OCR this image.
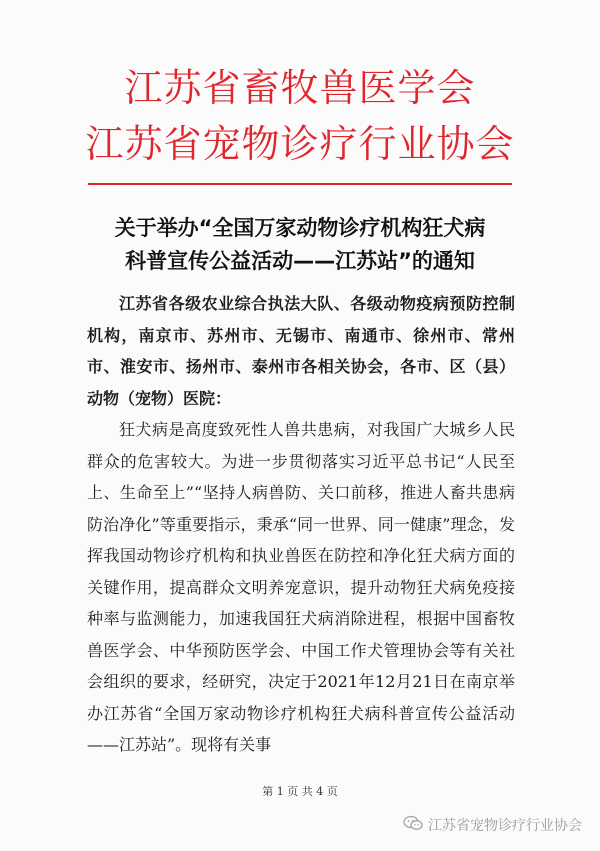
江苏省畜牧兽医学会
江苏省宠物诊疗行业协会
关于举办“全国万家动物诊疗机构狂犬病
科普宣传公益活动——江苏站”的通知

江苏省各级农业综合执法大队、各级动物疫病预防控制机构，南京市、苏州市、无锡市、南通市、徐州市、常州市、淮安市、扬州市、泰州市各相关协会，各市、区（县）动物（宠物）医院：

狂犬病是高度致死性人兽共患病，对我国广大城乡人民群众的危害较大。为进一步贯彻落实习近平总书记“人民至上、生命至上”“坚持人病兽防、关口前移，推进人畜共患病防治净化”等重要指示，秉承“同一世界、同一健康”理念，发挥我国动物诊疗机构和执业兽医在防控和净化狂犬病方面的关键作用，提高群众文明养宠意识，提升动物狂犬病免疫接种率与监测能力，加速我国狂犬病消除进程，根据中国畜牧兽医学会、中华预防医学会、中国工作犬管理协会等有关社会组织的要求，经研究，决定于2021年12月21日在南京举办江苏省“全国万家动物诊疗机构狂犬病科普宣传公益活动——江苏站”。现将有关事

第 1 页 共 4 页
江苏省宠物诊疗行业协会
